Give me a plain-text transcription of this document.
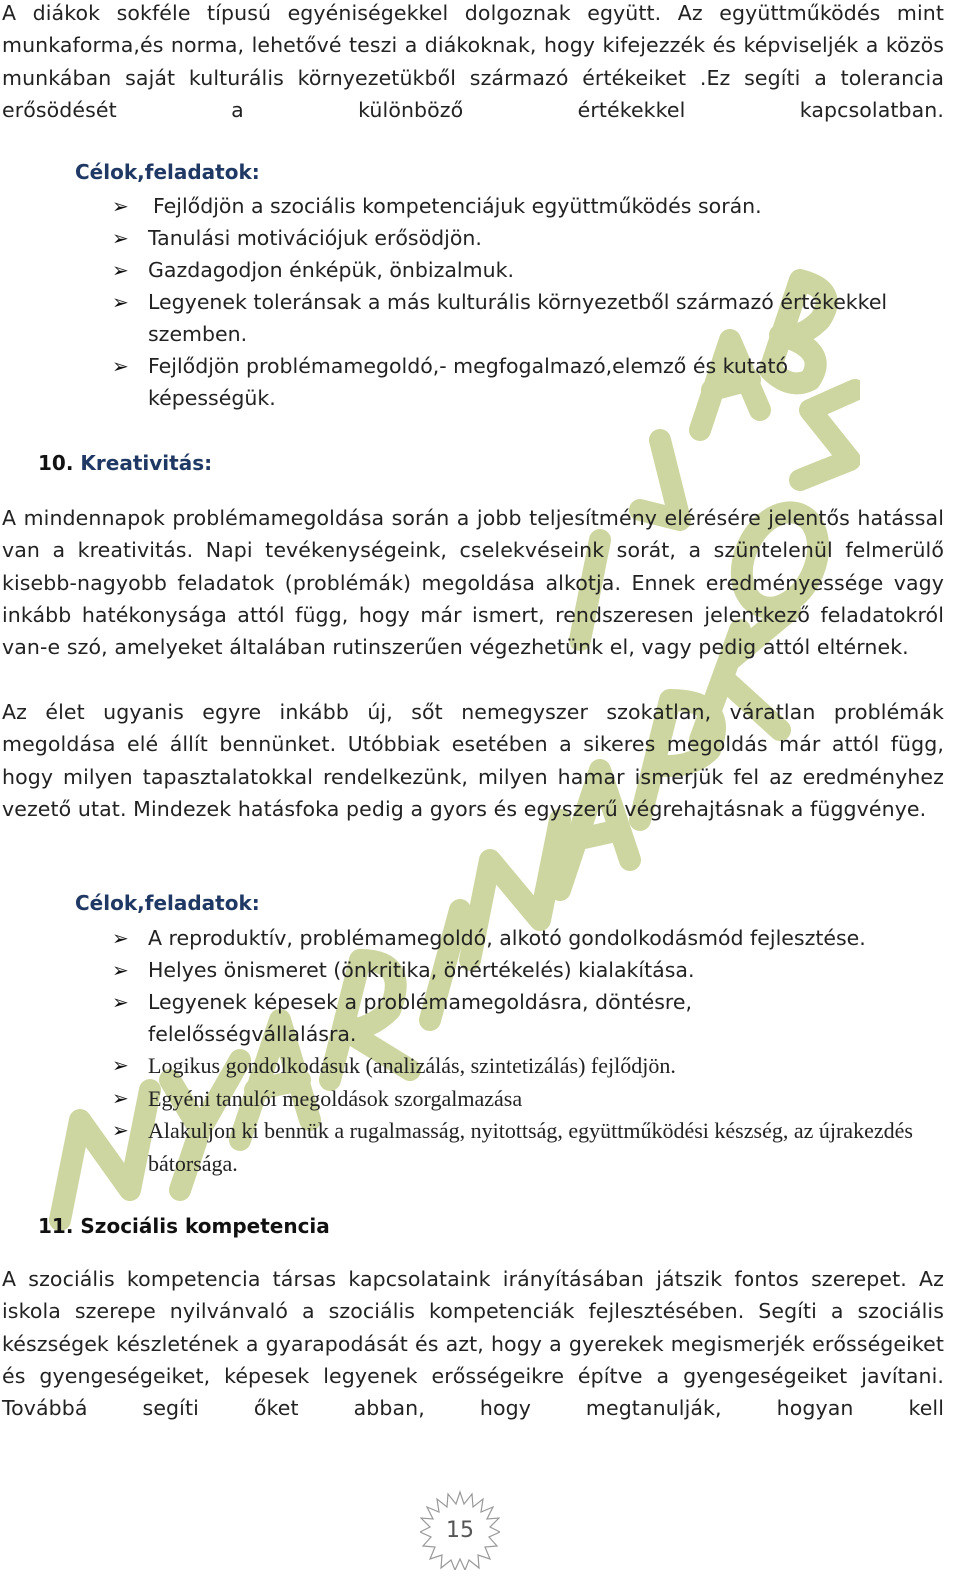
A diákok sokféle típusú egyéniségekkel dolgoznak együtt. Az együttműködés mint munkaforma,és norma, lehetővé teszi a diákoknak, hogy kifejezzék és képviseljék a közös munkában saját kulturális környezetükből származó értékeiket .Ez segíti a tolerancia erősödését a különböző értékekkel kapcsolatban.

Célok,feladatok:

➢ Fejlődjön a szociális kompetenciájuk együttműködés során.
➢ Tanulási motivációjuk erősödjön.
➢ Gazdagodjon énképük, önbizalmuk.
➢ Legyenek toleránsak a más kulturális környezetből származó értékekkel szemben.
➢ Fejlődjön problémamegoldó,- megfogalmazó,elemző és kutató képességük.

10. Kreativitás:

A mindennapok problémamegoldása során a jobb teljesítmény elérésére jelentős hatással van a kreativitás. Napi tevékenységeink, cselekvéseink sorát, a szüntelenül felmerülő kisebb-nagyobb feladatok (problémák) megoldása alkotja. Ennek eredményessége vagy inkább hatékonysága attól függ, hogy már ismert, rendszeresen jelentkező feladatokról van-e szó, amelyeket általában rutinszerűen végezhetünk el, vagy pedig attól eltérnek.

Az élet ugyanis egyre inkább új, sőt nemegyszer szokatlan, váratlan problémák megoldása elé állít bennünket. Utóbbiak esetében a sikeres megoldás már attól függ, hogy milyen tapasztalatokkal rendelkezünk, milyen hamar ismerjük fel az eredményhez vezető utat. Mindezek hatásfoka pedig a gyors és egyszerű végrehajtásnak a függvénye.

Célok,feladatok:

➢ A reproduktív, problémamegoldó, alkotó gondolkodásmód fejlesztése.
➢ Helyes önismeret (önkritika, önértékelés) kialakítása.
➢ Legyenek képesek a problémamegoldásra, döntésre, felelősségvállalásra.
➢ Logikus gondolkodásuk (analizálás, szintetizálás) fejlődjön.
➢ Egyéni tanulói megoldások szorgalmazása
➢ Alakuljon ki bennük a rugalmasság, nyitottság, együttműködési készség, az újrakezdés bátorsága.

11. Szociális kompetencia

A szociális kompetencia társas kapcsolataink irányításában játszik fontos szerepet. Az iskola szerepe nyilvánvaló a szociális kompetenciák fejlesztésében. Segíti a szociális készségek készletének a gyarapodását és azt, hogy a gyerekek megismerjék erősségeiket és gyengeségeiket, képesek legyenek erősségeikre építve a gyengeségeiket javítani. Továbbá segíti őket abban, hogy megtanulják, hogyan kell

15
